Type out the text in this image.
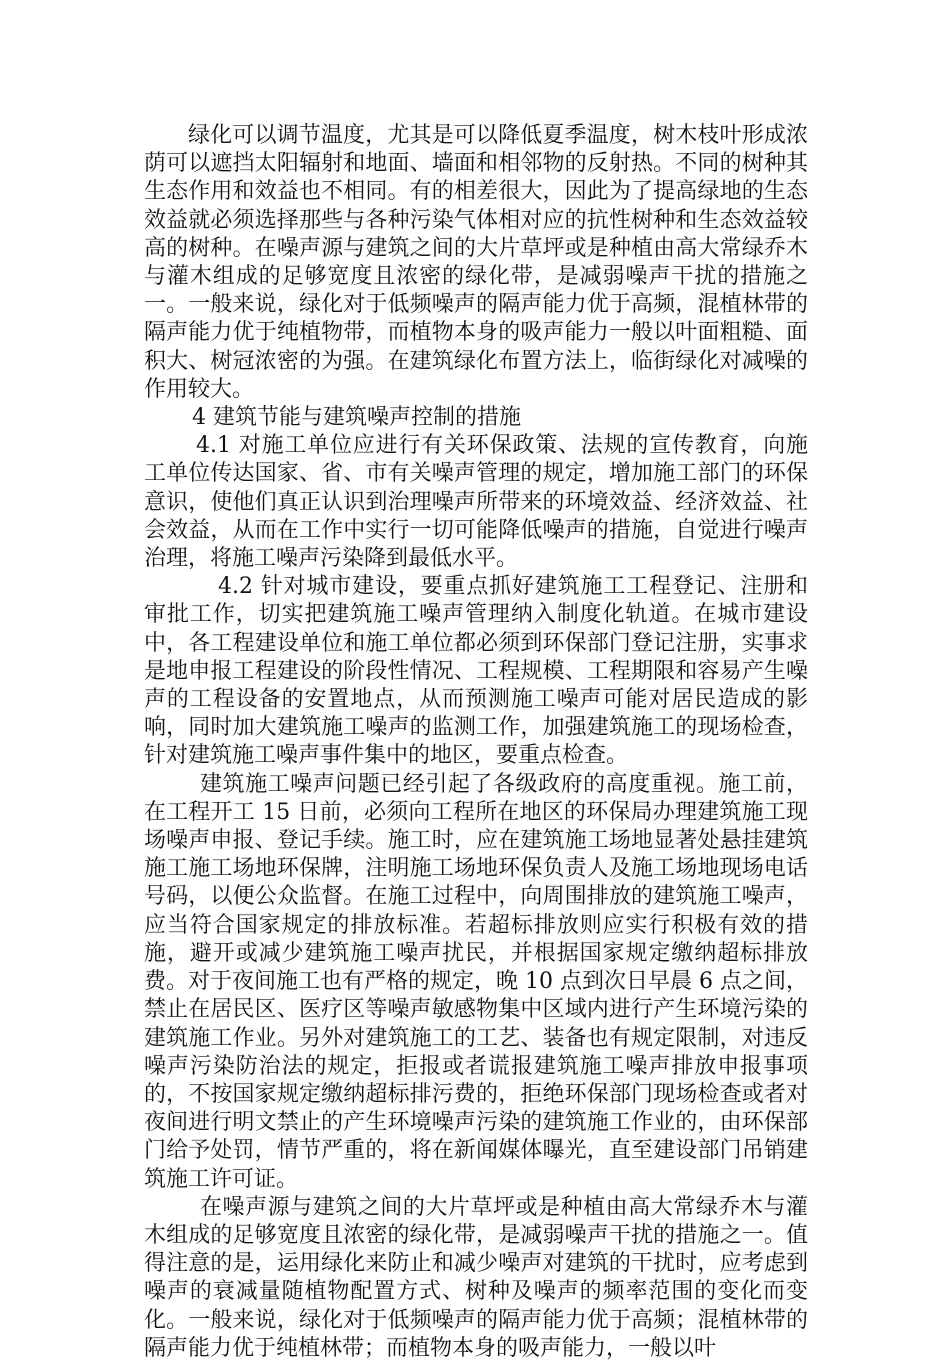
绿化可以调节温度，尤其是可以降低夏季温度，树木枝叶形成浓荫可以遮挡太阳辐射和地面、墙面和相邻物的反射热。不同的树种其生态作用和效益也不相同。有的相差很大，因此为了提高绿地的生态效益就必须选择那些与各种污染气体相对应的抗性树种和生态效益较高的树种。在噪声源与建筑之间的大片草坪或是种植由高大常绿乔木与灌木组成的足够宽度且浓密的绿化带，是减弱噪声干扰的措施之一。一般来说，绿化对于低频噪声的隔声能力优于高频，混植林带的隔声能力优于纯植物带，而植物本身的吸声能力一般以叶面粗糙、面积大、树冠浓密的为强。在建筑绿化布置方法上，临街绿化对减噪的作用较大。

4 建筑节能与建筑噪声控制的措施

4.1 对施工单位应进行有关环保政策、法规的宣传教育，向施工单位传达国家、省、市有关噪声管理的规定，增加施工部门的环保意识，使他们真正认识到治理噪声所带来的环境效益、经济效益、社会效益，从而在工作中实行一切可能降低噪声的措施，自觉进行噪声治理，将施工噪声污染降到最低水平。

4.2 针对城市建设，要重点抓好建筑施工工程登记、注册和审批工作，切实把建筑施工噪声管理纳入制度化轨道。在城市建设中，各工程建设单位和施工单位都必须到环保部门登记注册，实事求是地申报工程建设的阶段性情况、工程规模、工程期限和容易产生噪声的工程设备的安置地点，从而预测施工噪声可能对居民造成的影响，同时加大建筑施工噪声的监测工作，加强建筑施工的现场检查，针对建筑施工噪声事件集中的地区，要重点检查。

建筑施工噪声问题已经引起了各级政府的高度重视。施工前，在工程开工 15 日前，必须向工程所在地区的环保局办理建筑施工现场噪声申报、登记手续。施工时，应在建筑施工场地显著处悬挂建筑施工施工场地环保牌，注明施工场地环保负责人及施工场地现场电话号码，以便公众监督。在施工过程中，向周围排放的建筑施工噪声，应当符合国家规定的排放标准。若超标排放则应实行积极有效的措施，避开或减少建筑施工噪声扰民，并根据国家规定缴纳超标排放费。对于夜间施工也有严格的规定，晚 10 点到次日早晨 6 点之间，禁止在居民区、医疗区等噪声敏感物集中区域内进行产生环境污染的建筑施工作业。另外对建筑施工的工艺、装备也有规定限制，对违反噪声污染防治法的规定，拒报或者谎报建筑施工噪声排放申报事项的，不按国家规定缴纳超标排污费的，拒绝环保部门现场检查或者对夜间进行明文禁止的产生环境噪声污染的建筑施工作业的，由环保部门给予处罚，情节严重的，将在新闻媒体曝光，直至建设部门吊销建筑施工许可证。

在噪声源与建筑之间的大片草坪或是种植由高大常绿乔木与灌木组成的足够宽度且浓密的绿化带，是减弱噪声干扰的措施之一。值得注意的是，运用绿化来防止和减少噪声对建筑的干扰时，应考虑到噪声的衰减量随植物配置方式、树种及噪声的频率范围的变化而变化。一般来说，绿化对于低频噪声的隔声能力优于高频；混植林带的隔声能力优于纯植林带；而植物本身的吸声能力，一般以叶
